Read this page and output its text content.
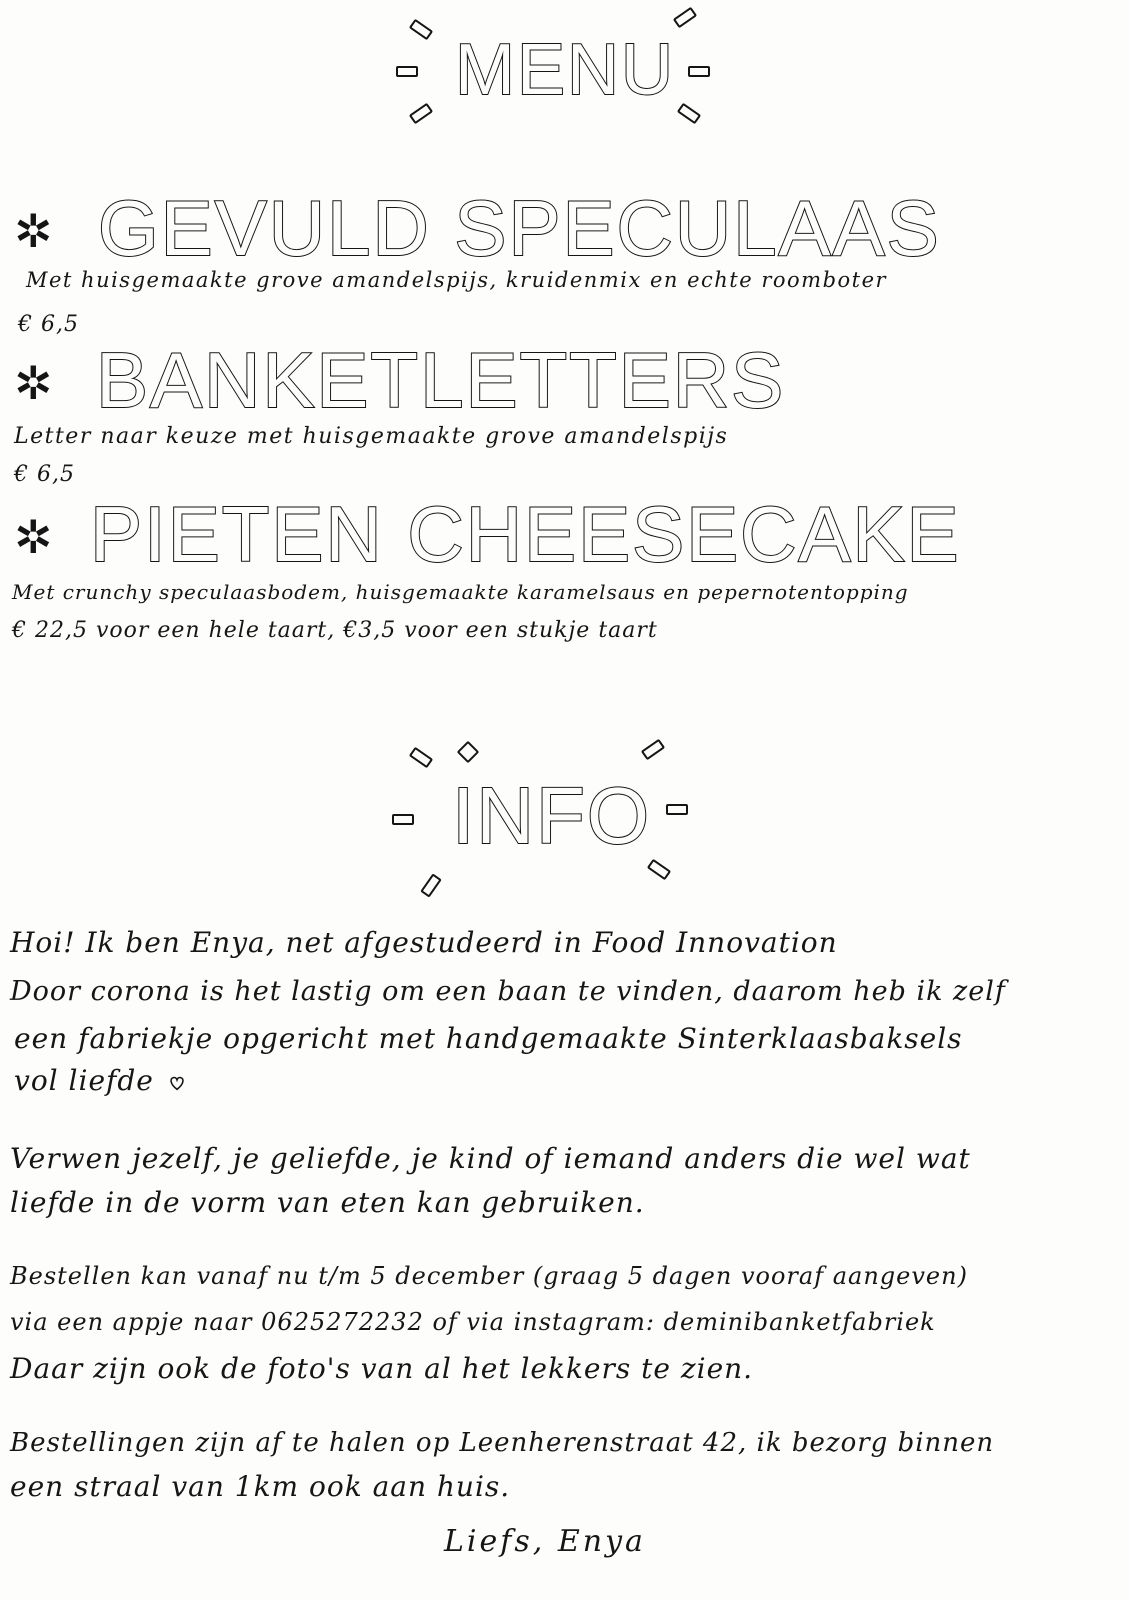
MENU
✲ GEVULD SPECULAAS
Met huisgemaakte grove amandelspijs, kruidenmix en echte roomboter
€ 6,5
✲ BANKETLETTERS
Letter naar keuze met huisgemaakte grove amandelspijs
€ 6,5
✲ PIETEN CHEESECAKE
Met crunchy speculaasbodem, huisgemaakte karamelsaus en pepernotentopping
€ 22,5 voor een hele taart, €3,5 voor een stukje taart
INFO
Hoi! Ik ben Enya, net afgestudeerd in Food Innovation
Door corona is het lastig om een baan te vinden, daarom heb ik zelf
een fabriekje opgericht met handgemaakte Sinterklaasbaksels
vol liefde
Verwen jezelf, je geliefde, je kind of iemand anders die wel wat
liefde in de vorm van eten kan gebruiken.
Bestellen kan vanaf nu t/m 5 december (graag 5 dagen vooraf aangeven)
via een appje naar 0625272232 of via instagram: deminibanketfabriek
Daar zijn ook de foto's van al het lekkers te zien.
Bestellingen zijn af te halen op Leenherenstraat 42, ik bezorg binnen
een straal van 1km ook aan huis.
Liefs, Enya
